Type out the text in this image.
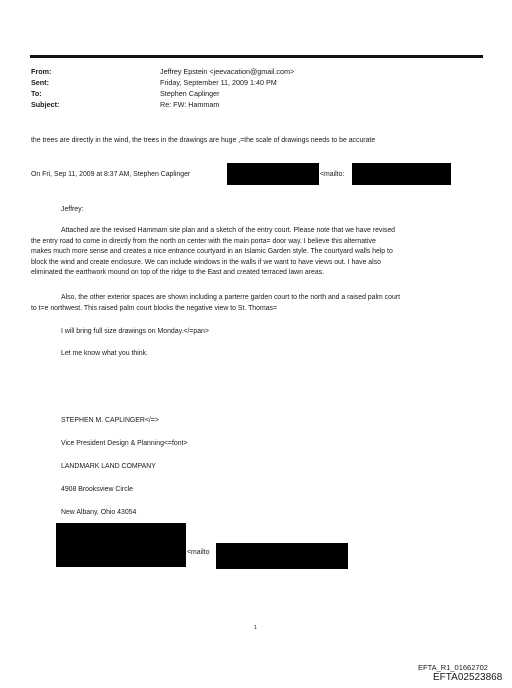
From:	Jeffrey Epstein <jeevacation@gmail.com>
Sent:	Friday, September 11, 2009 1:40 PM
To:	Stephen Caplinger
Subject:	Re: FW: Hammam
the trees are directly in the wind, the trees in the drawings are huge ,=the scale of drawings needs to be accurate
On Fri, Sep 11, 2009 at 8:37 AM, Stephen Caplinger	<mailto:
Jeffrey:
Attached are the revised Hammam site plan and a sketch of the entry court. Please note that we have revised
the entry road to come in directly from the north on center with the main porta= door way. I believe this alternative
makes much more sense and creates a nice entrance courtyard in an Islamic Garden style. The courtyard walls help to
block the wind and create enclosure. We can include windows in the walls if we want to have views out. I have also
eliminated the earthwork mound on top of the ridge to the East and created terraced lawn areas.
Also, the other exterior spaces are shown including a parterre garden court to the north and a raised palm court
to t=e northwest. This raised palm court blocks the negative view to St. Thomas=
I will bring full size drawings on Monday.</=pan>
Let me know what you think.
STEPHEN M. CAPLINGER</=>
Vice President Design & Planning<=font>
LANDMARK LAND COMPANY
4908 Brooksview Circle
New Albany, Ohio 43054
<mailto
1
EFTA_R1_01662702
EFTA02523868
